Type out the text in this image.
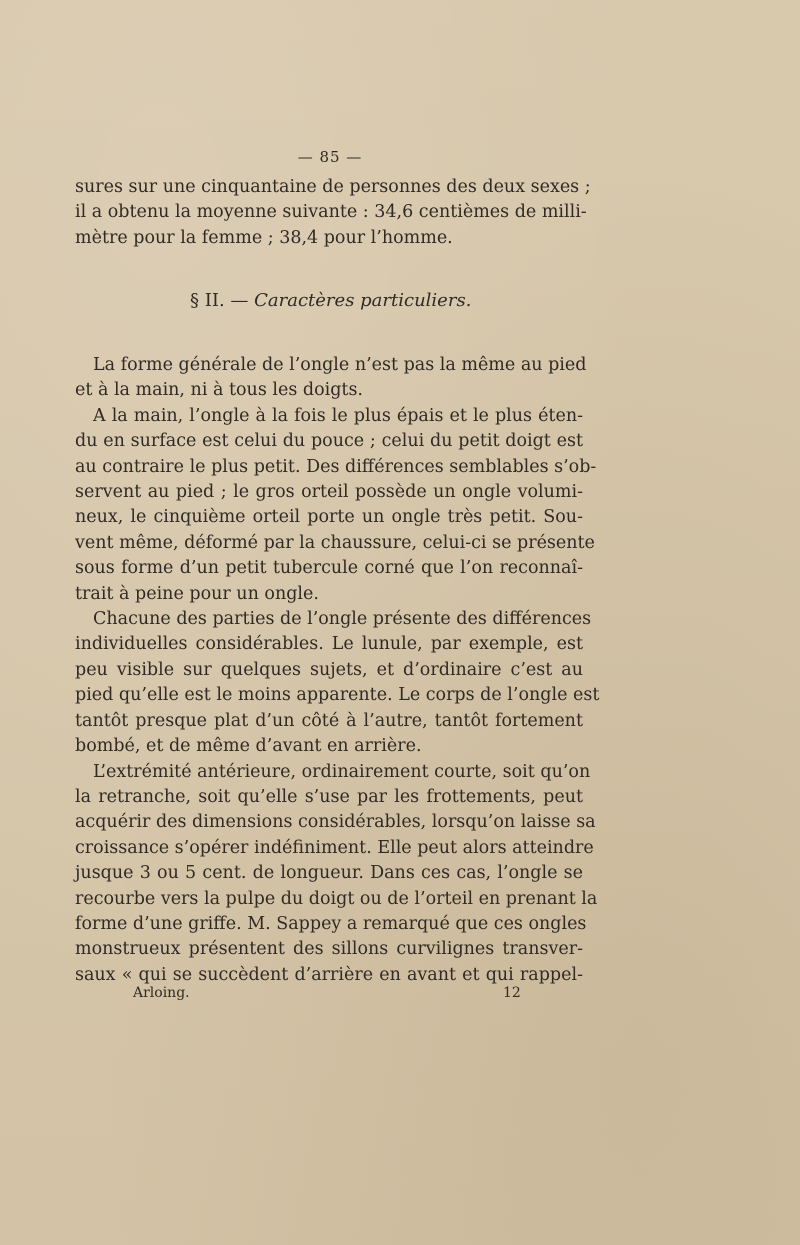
— 85 —
sures sur une cinquantaine de personnes des deux sexes ;
il a obtenu la moyenne suivante : 34,6 centièmes de milli-
mètre pour la femme ; 38,4 pour l’homme.
§ II. — Caractères particuliers.
La forme générale de l’ongle n’est pas la même au pied
et à la main, ni à tous les doigts.
A la main, l’ongle à la fois le plus épais et le plus éten-
du en surface est celui du pouce ; celui du petit doigt est
au contraire le plus petit. Des différences semblables s’ob-
servent au pied ; le gros orteil possède un ongle volumi-
neux, le cinquième orteil porte un ongle très petit. Sou-
vent même, déformé par la chaussure, celui-ci se présente
sous forme d’un petit tubercule corné que l’on reconnaî-
trait à peine pour un ongle.
Chacune des parties de l’ongle présente des différences
individuelles considérables. Le lunule, par exemple, est
peu visible sur quelques sujets, et d’ordinaire c’est au
pied qu’elle est le moins apparente. Le corps de l’ongle est
tantôt presque plat d’un côté à l’autre, tantôt fortement
bombé, et de même d’avant en arrière.
L’extrémité antérieure, ordinairement courte, soit qu’on
la retranche, soit qu’elle s’use par les frottements, peut
acquérir des dimensions considérables, lorsqu’on laisse sa
croissance s’opérer indéfiniment. Elle peut alors atteindre
jusque 3 ou 5 cent. de longueur. Dans ces cas, l’ongle se
recourbe vers la pulpe du doigt ou de l’orteil en prenant la
forme d’une griffe. M. Sappey a remarqué que ces ongles
monstrueux présentent des sillons curvilignes transver-
saux « qui se succèdent d’arrière en avant et qui rappel-
Arloing.	12
